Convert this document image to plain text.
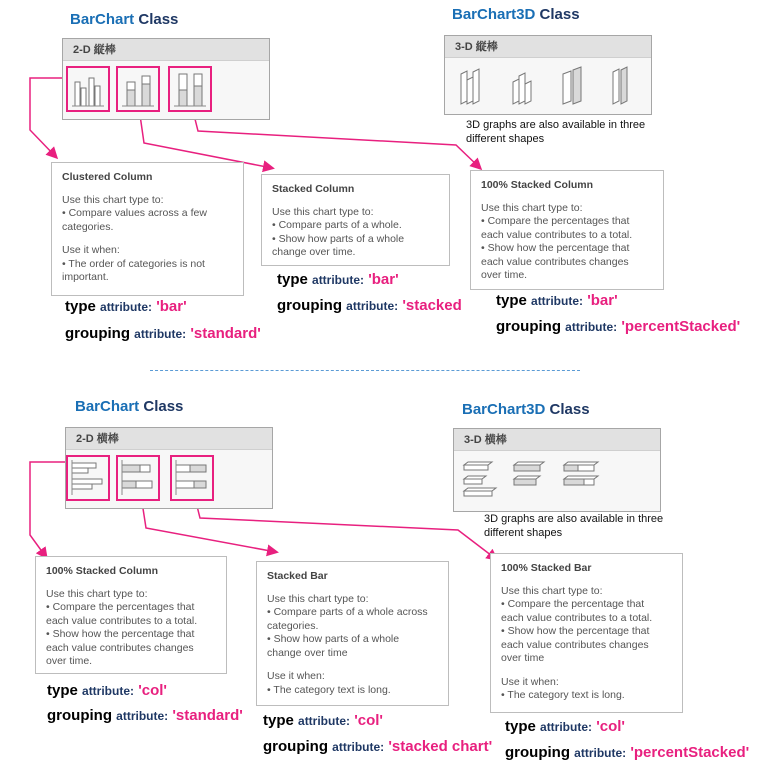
BarChart Class	BarChart3D Class
2-D 縦棒	3-D 縦棒
3D graphs are also available in three
different shapes
Clustered Column
Use this chart type to:
• Compare values across a few
categories.
Use it when:
• The order of categories is not
important.
Stacked Column
Use this chart type to:
• Compare parts of a whole.
• Show how parts of a whole
change over time.
100% Stacked Column
Use this chart type to:
• Compare the percentages that
each value contributes to a total.
• Show how the percentage that
each value contributes changes
over time.
type attribute: 'bar'
grouping attribute: 'standard'
type attribute: 'bar'
grouping attribute: 'stacked type attribute: 'bar'
grouping attribute: 'percentStacked'
BarChart Class	BarChart3D Class
2-D 横棒	3-D 横棒
3D graphs are also available in three
different shapes
100% Stacked Column
Use this chart type to:
• Compare the percentages that
each value contributes to a total.
• Show how the percentage that
each value contributes changes
over time.
Stacked Bar
Use this chart type to:
• Compare parts of a whole across
categories.
• Show how parts of a whole
change over time
Use it when:
• The category text is long.
100% Stacked Bar
Use this chart type to:
• Compare the percentage that
each value contributes to a total.
• Show how the percentage that
each value contributes changes
over time
Use it when:
• The category text is long.
type attribute: 'col'
grouping attribute: 'standard' type attribute: 'col'
grouping attribute: 'stacked chart'
type attribute: 'col'
grouping attribute: 'percentStacked'
